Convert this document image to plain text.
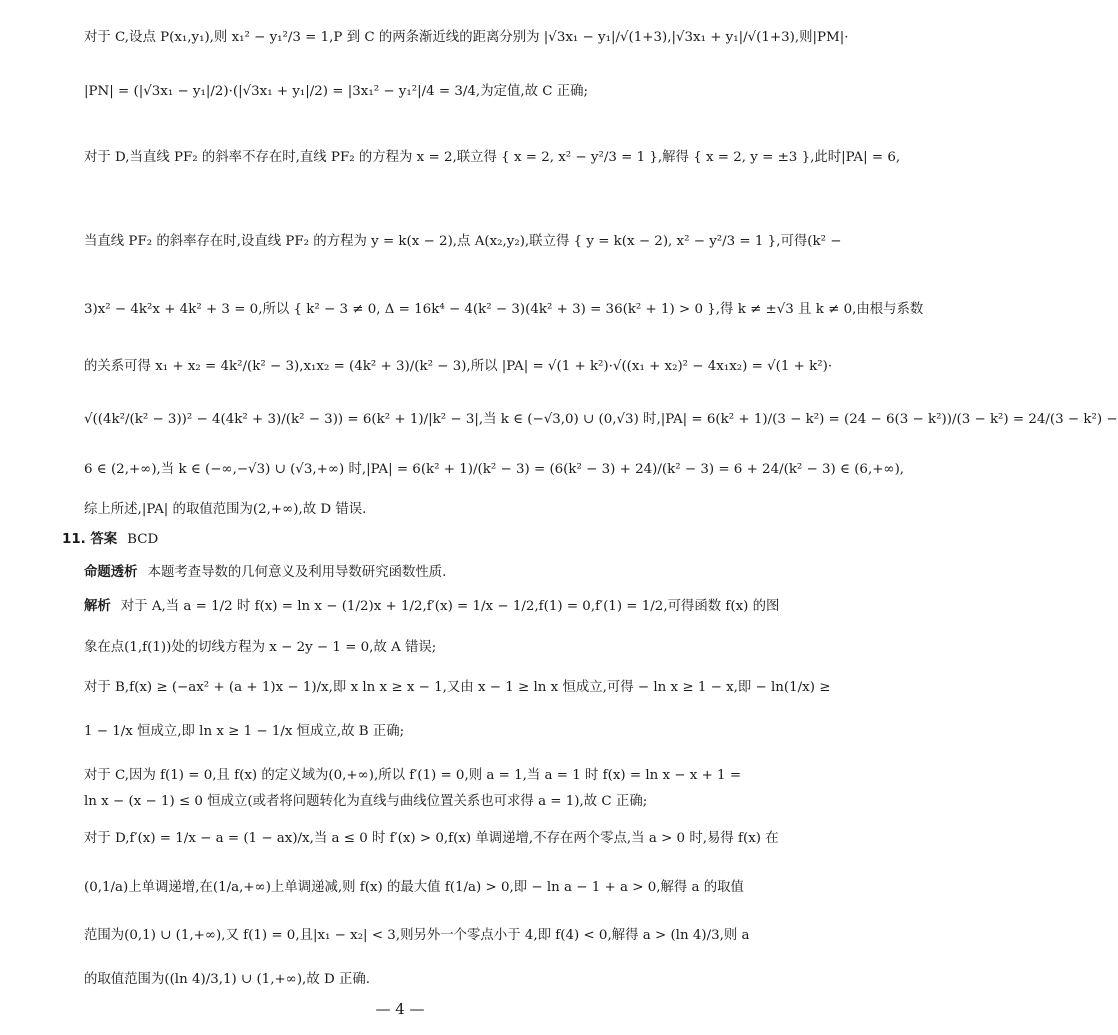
对于 C,设点 P(x₁,y₁),则 x₁² − y₁²/3 = 1,P 到 C 的两条渐近线的距离分别为 |√3x₁ − y₁|/√(1+3),|√3x₁ + y₁|/√(1+3),则|PM|·
|PN| = (|√3x₁ − y₁|/2)·(|√3x₁ + y₁|/2) = |3x₁² − y₁²|/4 = 3/4,为定值,故 C 正确;
对于 D,当直线 PF₂ 的斜率不存在时,直线 PF₂ 的方程为 x = 2,联立得 { x = 2, x² − y²/3 = 1 },解得 { x = 2, y = ±3 },此时|PA| = 6,
当直线 PF₂ 的斜率存在时,设直线 PF₂ 的方程为 y = k(x − 2),点 A(x₂,y₂),联立得 { y = k(x − 2), x² − y²/3 = 1 },可得(k² −
3)x² − 4k²x + 4k² + 3 = 0,所以 { k² − 3 ≠ 0, Δ = 16k⁴ − 4(k² − 3)(4k² + 3) = 36(k² + 1) > 0 },得 k ≠ ±√3 且 k ≠ 0,由根与系数
的关系可得 x₁ + x₂ = 4k²/(k² − 3),x₁x₂ = (4k² + 3)/(k² − 3),所以 |PA| = √(1 + k²)·√((x₁ + x₂)² − 4x₁x₂) = √(1 + k²)·
√((4k²/(k² − 3))² − 4(4k² + 3)/(k² − 3)) = 6(k² + 1)/|k² − 3|,当 k ∈ (−√3,0) ∪ (0,√3) 时,|PA| = 6(k² + 1)/(3 − k²) = (24 − 6(3 − k²))/(3 − k²) = 24/(3 − k²) −
6 ∈ (2,+∞),当 k ∈ (−∞,−√3) ∪ (√3,+∞) 时,|PA| = 6(k² + 1)/(k² − 3) = (6(k² − 3) + 24)/(k² − 3) = 6 + 24/(k² − 3) ∈ (6,+∞),
综上所述,|PA| 的取值范围为(2,+∞),故 D 错误.
11. 答案 BCD
命题透析 本题考查导数的几何意义及利用导数研究函数性质.
解析 对于 A,当 a = 1/2 时 f(x) = ln x − (1/2)x + 1/2,f′(x) = 1/x − 1/2,f(1) = 0,f′(1) = 1/2,可得函数 f(x) 的图
象在点(1,f(1))处的切线方程为 x − 2y − 1 = 0,故 A 错误;
对于 B,f(x) ≥ (−ax² + (a + 1)x − 1)/x,即 x ln x ≥ x − 1,又由 x − 1 ≥ ln x 恒成立,可得 − ln x ≥ 1 − x,即 − ln(1/x) ≥
1 − 1/x 恒成立,即 ln x ≥ 1 − 1/x 恒成立,故 B 正确;
对于 C,因为 f(1) = 0,且 f(x) 的定义域为(0,+∞),所以 f′(1) = 0,则 a = 1,当 a = 1 时 f(x) = ln x − x + 1 =
ln x − (x − 1) ≤ 0 恒成立(或者将问题转化为直线与曲线位置关系也可求得 a = 1),故 C 正确;
对于 D,f′(x) = 1/x − a = (1 − ax)/x,当 a ≤ 0 时 f′(x) > 0,f(x) 单调递增,不存在两个零点,当 a > 0 时,易得 f(x) 在
(0,1/a)上单调递增,在(1/a,+∞)上单调递减,则 f(x) 的最大值 f(1/a) > 0,即 − ln a − 1 + a > 0,解得 a 的取值
范围为(0,1) ∪ (1,+∞),又 f(1) = 0,且|x₁ − x₂| < 3,则另外一个零点小于 4,即 f(4) < 0,解得 a > (ln 4)/3,则 a
的取值范围为((ln 4)/3,1) ∪ (1,+∞),故 D 正确.
— 4 —
